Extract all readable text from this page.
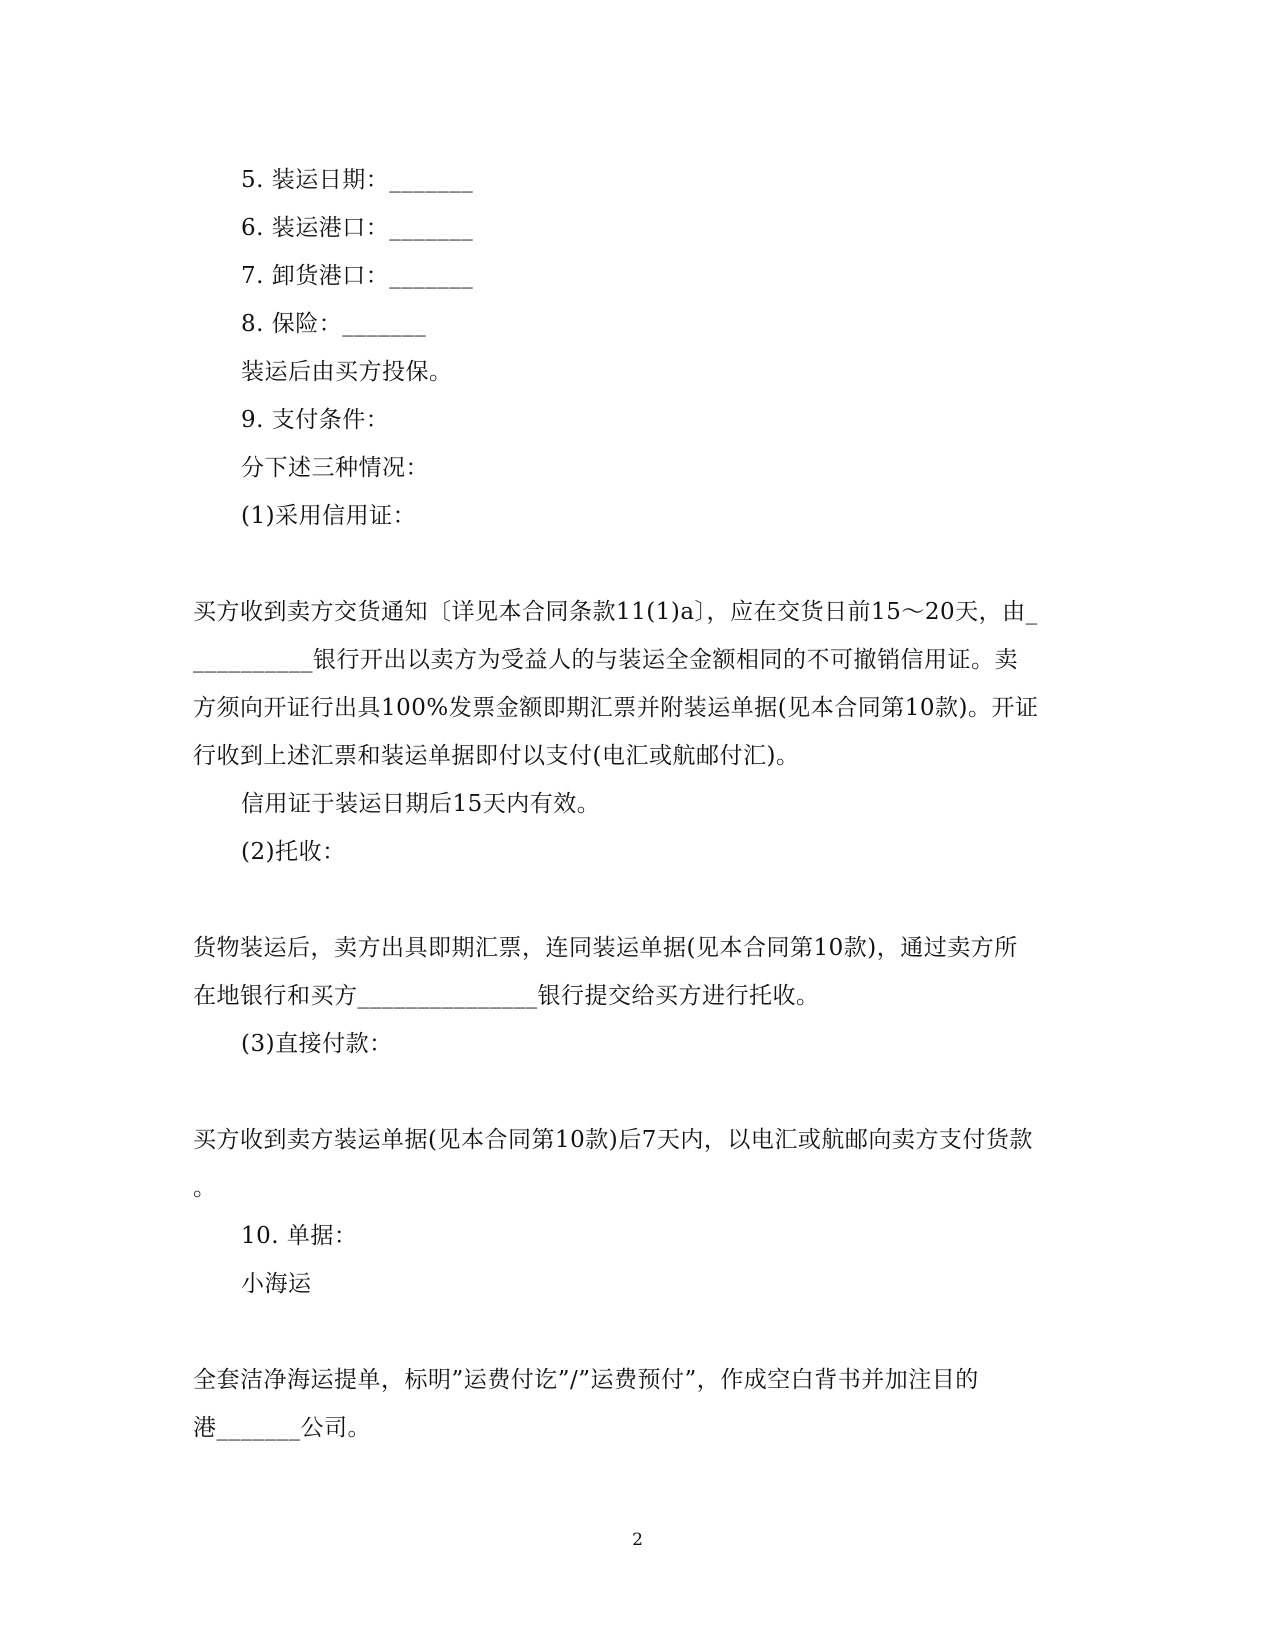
5. 装运日期：_______
6. 装运港口：_______
7. 卸货港口：_______
8. 保险：_______
装运后由买方投保。
9. 支付条件：
分下述三种情况：
(1)采用信用证：
买方收到卖方交货通知〔详见本合同条款11(1)a〕，应在交货日前15～20天，由_
__________银行开出以卖方为受益人的与装运全金额相同的不可撤销信用证。卖
方须向开证行出具100%发票金额即期汇票并附装运单据(见本合同第10款)。开证
行收到上述汇票和装运单据即付以支付(电汇或航邮付汇)。
信用证于装运日期后15天内有效。
(2)托收：
货物装运后，卖方出具即期汇票，连同装运单据(见本合同第10款)，通过卖方所
在地银行和买方_______________银行提交给买方进行托收。
(3)直接付款：
买方收到卖方装运单据(见本合同第10款)后7天内，以电汇或航邮向卖方支付货款
。
10. 单据：
小海运
全套洁净海运提单，标明”运费付讫”/”运费预付”，作成空白背书并加注目的
港_______公司。
2
